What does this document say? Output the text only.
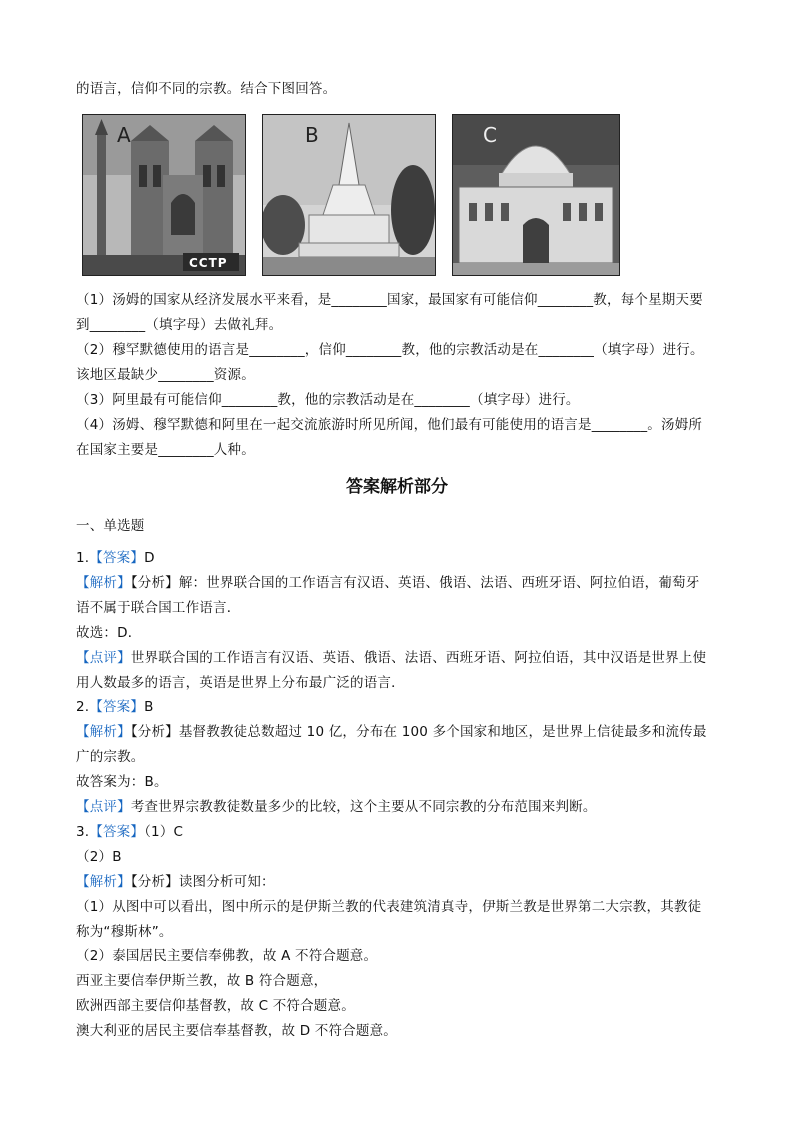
的语言，信仰不同的宗教。结合下图回答。
A
CCTP
B	C
（1）汤姆的国家从经济发展水平来看，是________国家，最国家有可能信仰________教，每个星期天要
到________（填字母）去做礼拜。
（2）穆罕默德使用的语言是________，信仰________教，他的宗教活动是在________（填字母）进行。
该地区最缺少________资源。
（3）阿里最有可能信仰________教，他的宗教活动是在________（填字母）进行。
（4）汤姆、穆罕默德和阿里在一起交流旅游时所见所闻，他们最有可能使用的语言是________。汤姆所
在国家主要是________人种。
答案解析部分
一、单选题
1.【答案】D
【解析】【分析】解：世界联合国的工作语言有汉语、英语、俄语、法语、西班牙语、阿拉伯语，葡萄牙
语不属于联合国工作语言．
故选：D．
【点评】世界联合国的工作语言有汉语、英语、俄语、法语、西班牙语、阿拉伯语，其中汉语是世界上使
用人数最多的语言，英语是世界上分布最广泛的语言．
2.【答案】B
【解析】【分析】基督教教徒总数超过 10 亿，分布在 100 多个国家和地区，是世界上信徒最多和流传最
广的宗教。
故答案为：B。
【点评】考查世界宗教教徒数量多少的比较，这个主要从不同宗教的分布范围来判断。
3.【答案】（1）C
（2）B
【解析】【分析】读图分析可知：
（1）从图中可以看出，图中所示的是伊斯兰教的代表建筑清真寺，伊斯兰教是世界第二大宗教，其教徒
称为“穆斯林”。
（2）泰国居民主要信奉佛教，故 A 不符合题意。
西亚主要信奉伊斯兰教，故 B 符合题意，
欧洲西部主要信仰基督教，故 C 不符合题意。
澳大利亚的居民主要信奉基督教，故 D 不符合题意。
